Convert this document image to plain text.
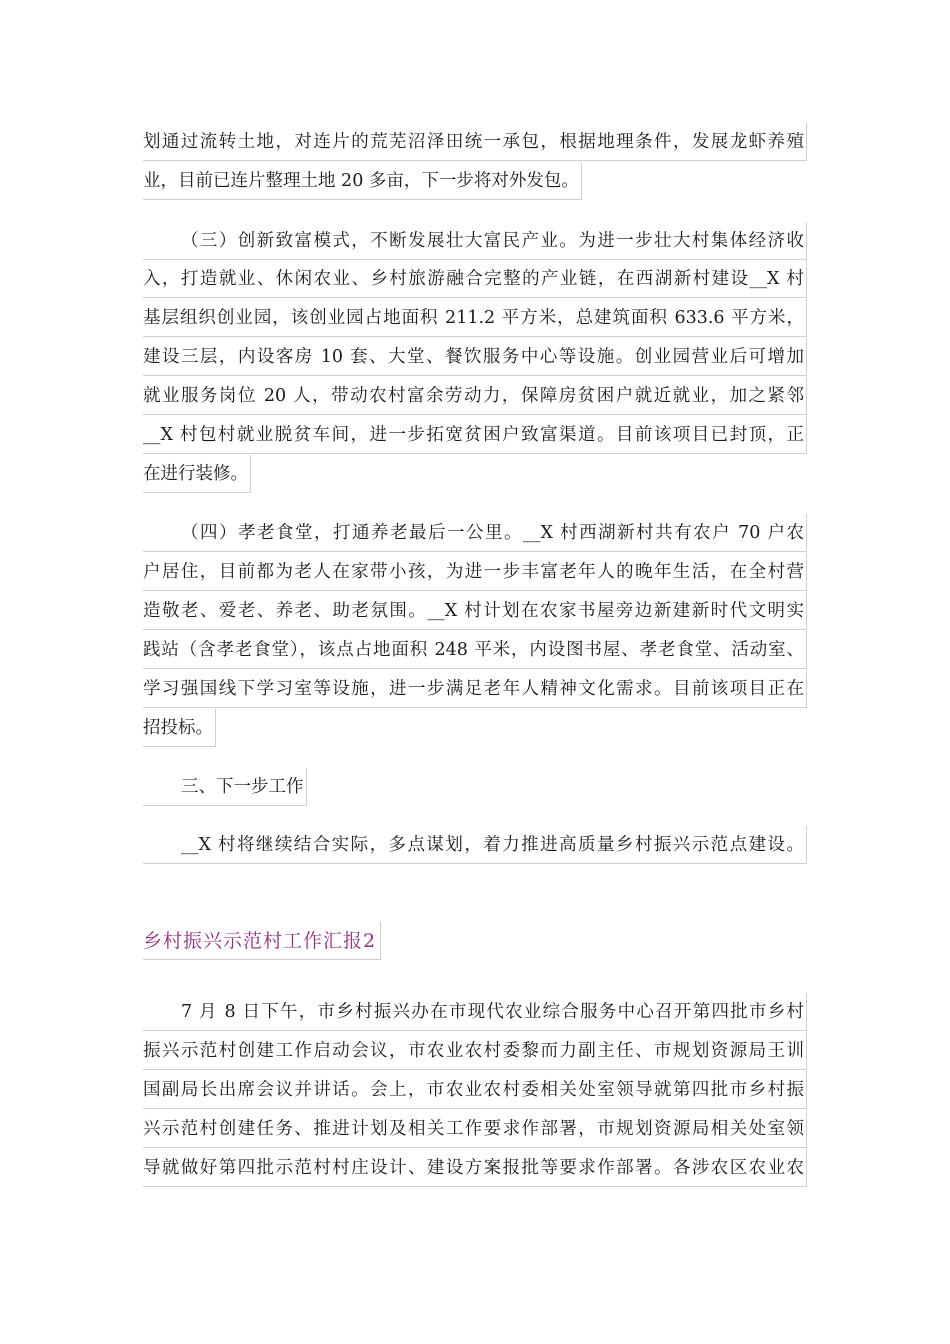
划通过流转土地，对连片的荒芜沼泽田统一承包，根据地理条件，发展龙虾养殖
业，目前已连片整理土地 20 多亩，下一步将对外发包。
（三）创新致富模式，不断发展壮大富民产业。为进一步壮大村集体经济收
入，打造就业、休闲农业、乡村旅游融合完整的产业链，在西湖新村建设__X 村
基层组织创业园，该创业园占地面积 211.2 平方米，总建筑面积 633.6 平方米，
建设三层，内设客房 10 套、大堂、餐饮服务中心等设施。创业园营业后可增加
就业服务岗位 20 人，带动农村富余劳动力，保障房贫困户就近就业，加之紧邻
__X 村包村就业脱贫车间，进一步拓宽贫困户致富渠道。目前该项目已封顶，正
在进行装修。
（四）孝老食堂，打通养老最后一公里。__X 村西湖新村共有农户 70 户农
户居住，目前都为老人在家带小孩，为进一步丰富老年人的晚年生活，在全村营
造敬老、爱老、养老、助老氛围。__X 村计划在农家书屋旁边新建新时代文明实
践站（含孝老食堂），该点占地面积 248 平米，内设图书屋、孝老食堂、活动室、
学习强国线下学习室等设施，进一步满足老年人精神文化需求。目前该项目正在
招投标。
三、下一步工作
__X 村将继续结合实际，多点谋划，着力推进高质量乡村振兴示范点建设。
乡村振兴示范村工作汇报2
7 月 8 日下午，市乡村振兴办在市现代农业综合服务中心召开第四批市乡村
振兴示范村创建工作启动会议，市农业农村委黎而力副主任、市规划资源局王训
国副局长出席会议并讲话。会上，市农业农村委相关处室领导就第四批市乡村振
兴示范村创建任务、推进计划及相关工作要求作部署，市规划资源局相关处室领
导就做好第四批示范村村庄设计、建设方案报批等要求作部署。各涉农区农业农
